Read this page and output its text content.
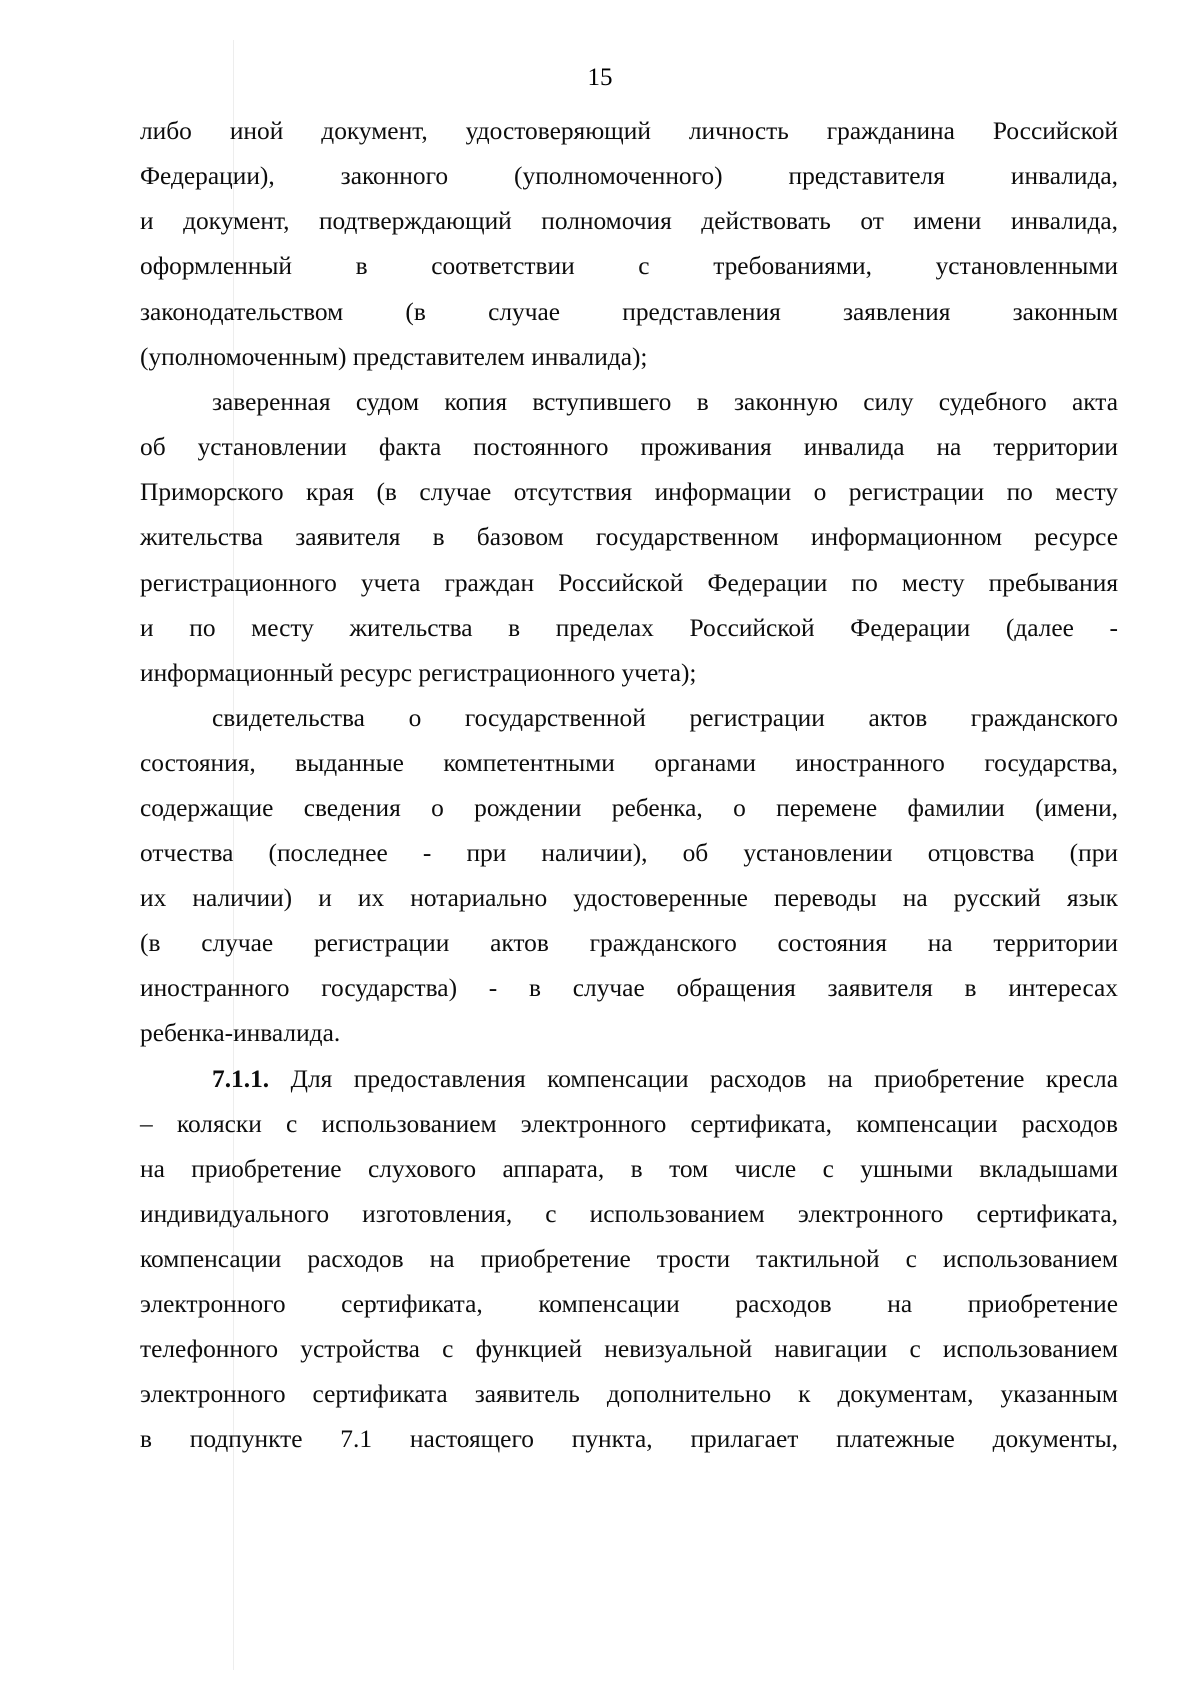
15
либо иной документ, удостоверяющий личность гражданина Российской
Федерации), законного (уполномоченного) представителя инвалида,
и документ, подтверждающий полномочия действовать от имени инвалида,
оформленный в соответствии с требованиями, установленными
законодательством (в случае представления заявления законным
(уполномоченным) представителем инвалида);
заверенная судом копия вступившего в законную силу судебного акта
об установлении факта постоянного проживания инвалида на территории
Приморского края (в случае отсутствия информации о регистрации по месту
жительства заявителя в базовом государственном информационном ресурсе
регистрационного учета граждан Российской Федерации по месту пребывания
и по месту жительства в пределах Российской Федерации (далее -
информационный ресурс регистрационного учета);
свидетельства о государственной регистрации актов гражданского
состояния, выданные компетентными органами иностранного государства,
содержащие сведения о рождении ребенка, о перемене фамилии (имени,
отчества (последнее - при наличии), об установлении отцовства (при
их наличии) и их нотариально удостоверенные переводы на русский язык
(в случае регистрации актов гражданского состояния на территории
иностранного государства) - в случае обращения заявителя в интересах
ребенка-инвалида.
7.1.1. Для предоставления компенсации расходов на приобретение кресла
– коляски с использованием электронного сертификата, компенсации расходов
на приобретение слухового аппарата, в том числе с ушными вкладышами
индивидуального изготовления, с использованием электронного сертификата,
компенсации расходов на приобретение трости тактильной с использованием
электронного сертификата, компенсации расходов на приобретение
телефонного устройства с функцией невизуальной навигации с использованием
электронного сертификата заявитель дополнительно к документам, указанным
в подпункте 7.1 настоящего пункта, прилагает платежные документы,
